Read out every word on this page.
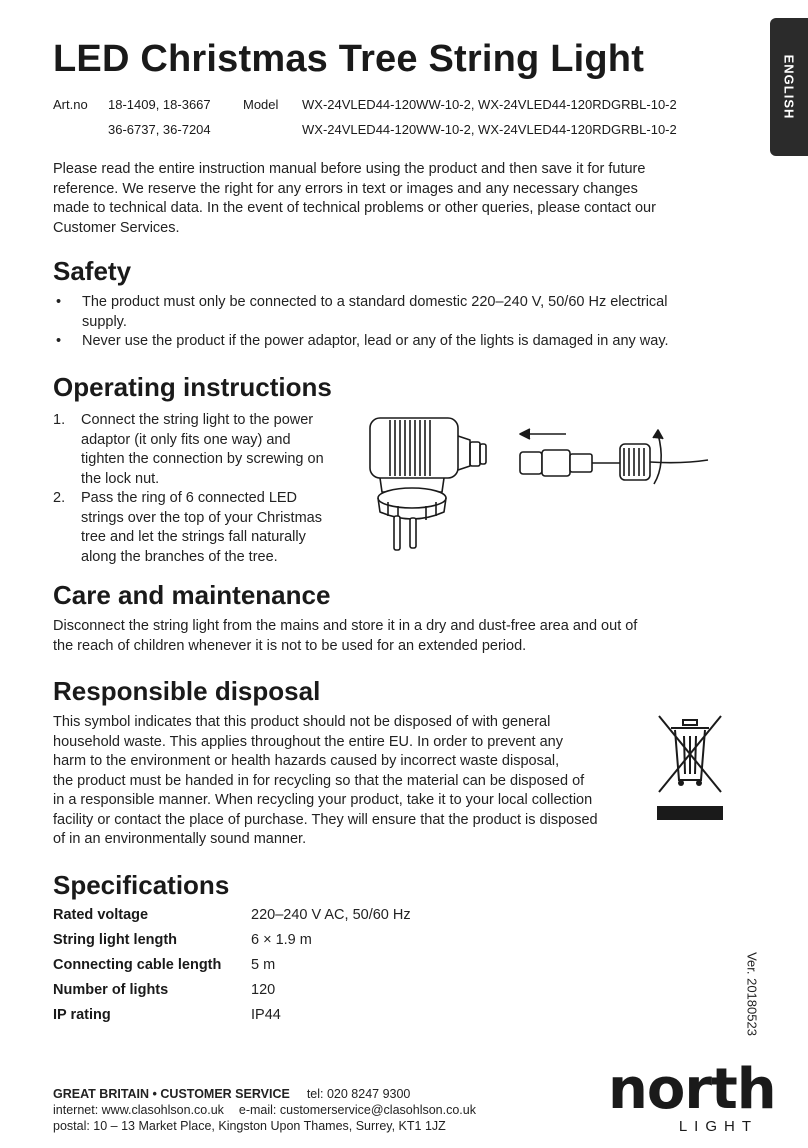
ENGLISH
LED Christmas Tree String Light
Art.no 18-1409, 18-3667 Model WX-24VLED44-120WW-10-2, WX-24VLED44-120RDGRBL-10-2
36-6737, 36-7204	WX-24VLED44-120WW-10-2, WX-24VLED44-120RDGRBL-10-2

Please read the entire instruction manual before using the product and then save it for future

reference. We reserve the right for any errors in text or images and any necessary changes

made to technical data. In the event of technical problems or other queries, please contact our

Customer Services.

Safety
• The product must only be connected to a standard domestic 220–240 V, 50/60 Hz electrical
supply.
• Never use the product if the power adaptor, lead or any of the lights is damaged in any way.
Operating instructions
1. Connect the string light to the power
adaptor (it only fits one way) and
tighten the connection by screwing on
the lock nut.
2. Pass the ring of 6 connected LED
strings over the top of your Christmas
tree and let the strings fall naturally
along the branches of the tree.
Care and maintenance

Disconnect the string light from the mains and store it in a dry and dust-free area and out of

the reach of children whenever it is not to be used for an extended period.

Responsible disposal

This symbol indicates that this product should not be disposed of with general

household waste. This applies throughout the entire EU. In order to prevent any

harm to the environment or health hazards caused by incorrect waste disposal,

the product must be handed in for recycling so that the material can be disposed of

in a responsible manner. When recycling your product, take it to your local collection

facility or contact the place of purchase. They will ensure that the product is disposed

of in an environmentally sound manner.

Specifications
Rated voltage	220–240 V AC, 50/60 Hz
String light length	6 × 1.9 m
Connecting cable length 5 m
Number of lights	120
IP rating	IP44	Ver. 20180523
GREAT BRITAIN • CUSTOMER SERVICE tel: 020 8247 9300
internet: www.clasohlson.co.uk e-mail: customerservice@clasohlson.co.uk
postal: 10 – 13 Market Place, Kingston Upon Thames, Surrey, KT1 1JZ
north
LIGHT
